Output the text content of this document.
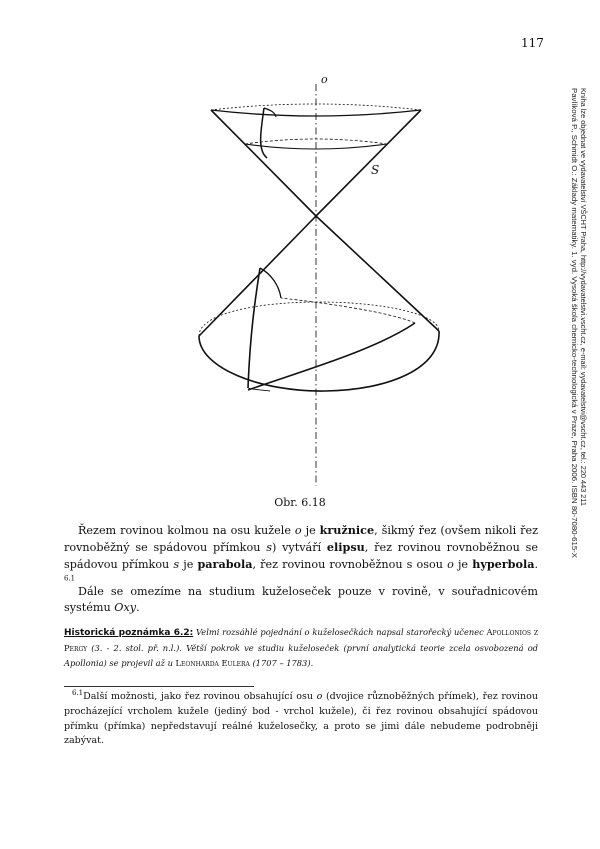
117
Pavlíková P., Schmidt O.: Základy matematiky. 1. vyd. Vysoká škola chemicko-technologická v Praze, Praha 2006. ISBN 80-7080-615-X Kniha lze objednat ve vydavatelství VŠCHT Praha, http://vydavatelstvi.vscht.cz, e-mail: vydavatelstvi@vscht.cz, tel.: 220 443 211
o
S
Obr. 6.18

Řezem rovinou kolmou na osu kužele o je kružnice, šikmý řez (ovšem nikoli řez rovnoběžný se spádovou přímkou s) vytváří elipsu, řez rovinou rovnoběžnou se spádovou přímkou s je parabola, řez rovinou rovnoběžnou s osou o je hyperbola. $^{6.1}$

Dále se omezíme na studium kuželoseček pouze v rovině, v souřadnicovém systému Oxy.

Historická poznámka 6.2: Velmi rozsáhlé pojednání o kuželosečkách napsal starořecký učenec Apollonios z Pergy (3. - 2. stol. př. n.l.). Větší pokrok ve studiu kuželoseček (první analytická teorie zcela osvobozená od Apollonia) se projevil až u Leonharda Eulera (1707 – 1783).

$^{6.1}$Další možnosti, jako řez rovinou obsahující osu o (dvojice různoběžných přímek), řez rovinou procházející vrcholem kužele (jediný bod - vrchol kužele), či řez rovinou obsahující spádovou přímku (přímka) nepředstavují reálné kuželosečky, a proto se jimi dále nebudeme podrobněji zabývat.
